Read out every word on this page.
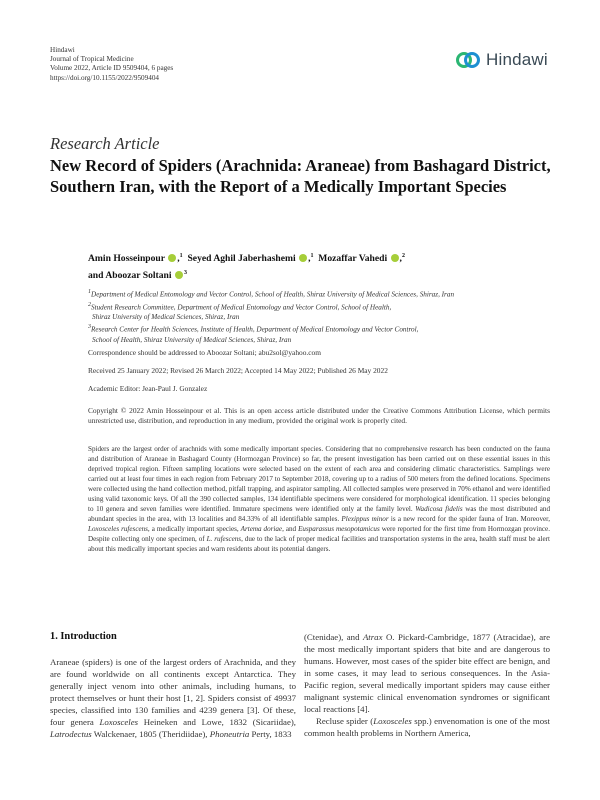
Hindawi
Journal of Tropical Medicine
Volume 2022, Article ID 9509404, 6 pages
https://doi.org/10.1155/2022/9509404
Hindawi
Research Article
New Record of Spiders (Arachnida: Araneae) from Bashagard District, Southern Iran, with the Report of a Medically Important Species
Amin Hosseinpour ,$^1$ Seyed Aghil Jaberhashemi ,$^1$ Mozaffar Vahedi ,$^2$
and Aboozar Soltani $^3$
$^1$Department of Medical Entomology and Vector Control, School of Health, Shiraz University of Medical Sciences, Shiraz, Iran
$^2$Student Research Committee, Department of Medical Entomology and Vector Control, School of Health,
Shiraz University of Medical Sciences, Shiraz, Iran
$^3$Research Center for Health Sciences, Institute of Health, Department of Medical Entomology and Vector Control,
School of Health, Shiraz University of Medical Sciences, Shiraz, Iran
Correspondence should be addressed to Aboozar Soltani; abu2sol@yahoo.com
Received 25 January 2022; Revised 26 March 2022; Accepted 14 May 2022; Published 26 May 2022
Academic Editor: Jean-Paul J. Gonzalez
Copyright © 2022 Amin Hosseinpour et al. This is an open access article distributed under the Creative Commons Attribution License, which permits unrestricted use, distribution, and reproduction in any medium, provided the original work is properly cited.
Spiders are the largest order of arachnids with some medically important species. Considering that no comprehensive research has been conducted on the fauna and distribution of Araneae in Bashagard County (Hormozgan Province) so far, the present investigation has been carried out on these essential issues in this deprived tropical region. Fifteen sampling locations were selected based on the extent of each area and considering climatic characteristics. Samplings were carried out at least four times in each region from February 2017 to September 2018, covering up to a radius of 500 meters from the defined locations. Specimens were collected using the hand collection method, pitfall trapping, and aspirator sampling. All collected samples were preserved in 70% ethanol and were identified using valid taxonomic keys. Of all the 390 collected samples, 134 identifiable specimens were considered for morphological identification. 11 species belonging to 10 genera and seven families were identified. Immature specimens were identified only at the family level. Wadicosa fidelis was the most distributed and abundant species in the area, with 13 localities and 84.33% of all identifiable samples. Plexippus minor is a new record for the spider fauna of Iran. Moreover, Loxosceles rufescens, a medically important species, Artema doriae, and Eusparassus mesopotamicus were reported for the first time from Hormozgan province. Despite collecting only one specimen, of L. rufescens, due to the lack of proper medical facilities and transportation systems in the area, health staff must be alert about this medically important species and warn residents about its potential dangers.
1. Introduction
Araneae (spiders) is one of the largest orders of Arachnida, and they are found worldwide on all continents except Antarctica. They generally inject venom into other animals, including humans, to protect themselves or hunt their host [1, 2]. Spiders consist of 49937 species, classified into 130 families and 4239 genera [3]. Of these, four genera Loxosceles Heineken and Lowe, 1832 (Sicariidae), Latrodectus Walckenaer, 1805 (Theridiidae), Phoneutria Perty, 1833
(Ctenidae), and Atrax O. Pickard-Cambridge, 1877 (Atracidae), are the most medically important spiders that bite and are dangerous to humans. However, most cases of the spider bite effect are benign, and in some cases, it may lead to serious consequences. In the Asia-Pacific region, several medically important spiders may cause either malignant systemic clinical envenomation syndromes or significant local reactions [4].
Recluse spider (Loxosceles spp.) envenomation is one of the most common health problems in Northern America,
